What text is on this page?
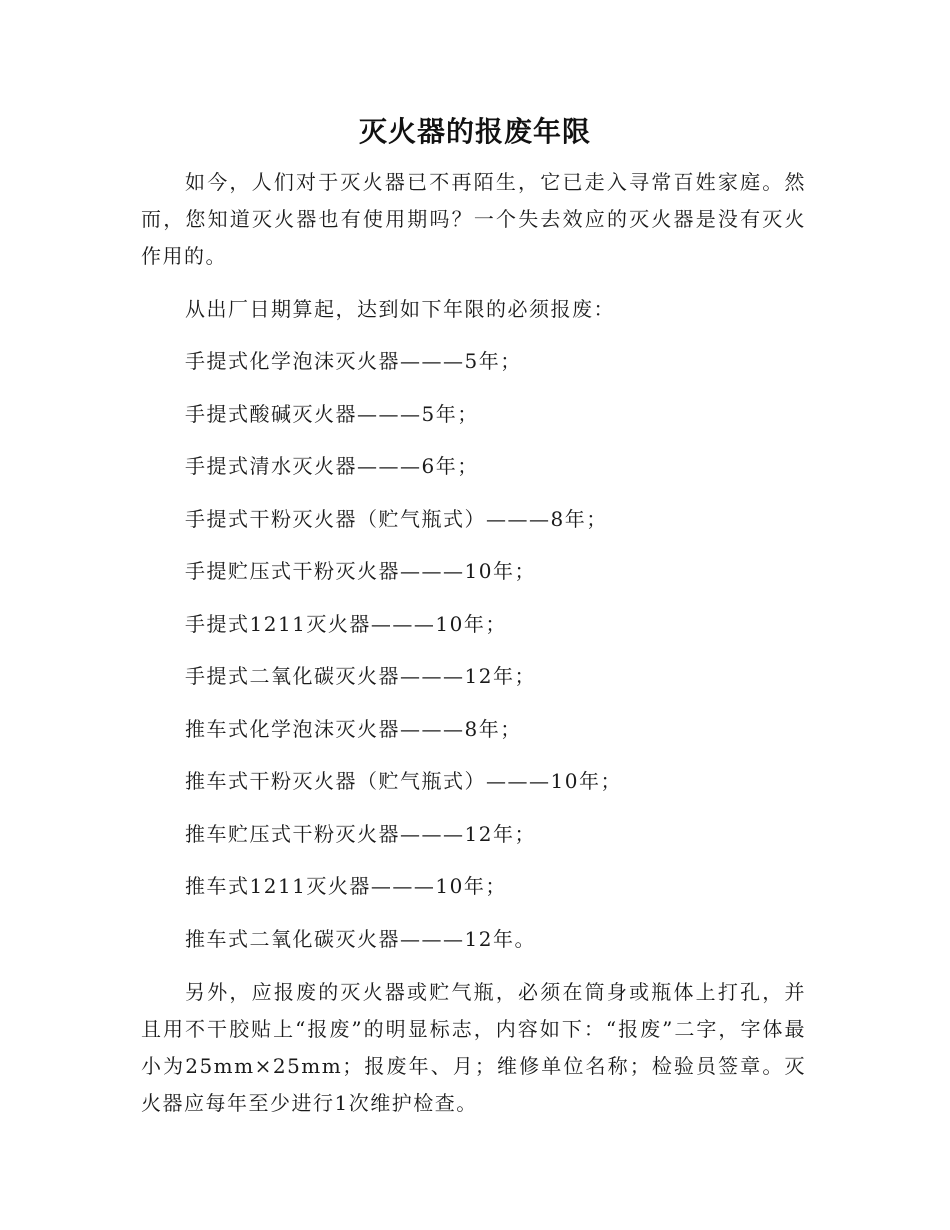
灭火器的报废年限

如今，人们对于灭火器已不再陌生，它已走入寻常百姓家庭。然而，您知道灭火器也有使用期吗？一个失去效应的灭火器是没有灭火作用的。

从出厂日期算起，达到如下年限的必须报废：

手提式化学泡沫灭火器———5年；
手提式酸碱灭火器———5年；
手提式清水灭火器———6年；
手提式干粉灭火器（贮气瓶式）———8年；
手提贮压式干粉灭火器———10年；
手提式1211灭火器———10年；
手提式二氧化碳灭火器———12年；
推车式化学泡沫灭火器———8年；
推车式干粉灭火器（贮气瓶式）———10年；
推车贮压式干粉灭火器———12年；
推车式1211灭火器———10年；
推车式二氧化碳灭火器———12年。

另外，应报废的灭火器或贮气瓶，必须在筒身或瓶体上打孔，并且用不干胶贴上“报废”的明显标志，内容如下：“报废”二字，字体最小为25mm×25mm；报废年、月；维修单位名称；检验员签章。灭火器应每年至少进行1次维护检查。
